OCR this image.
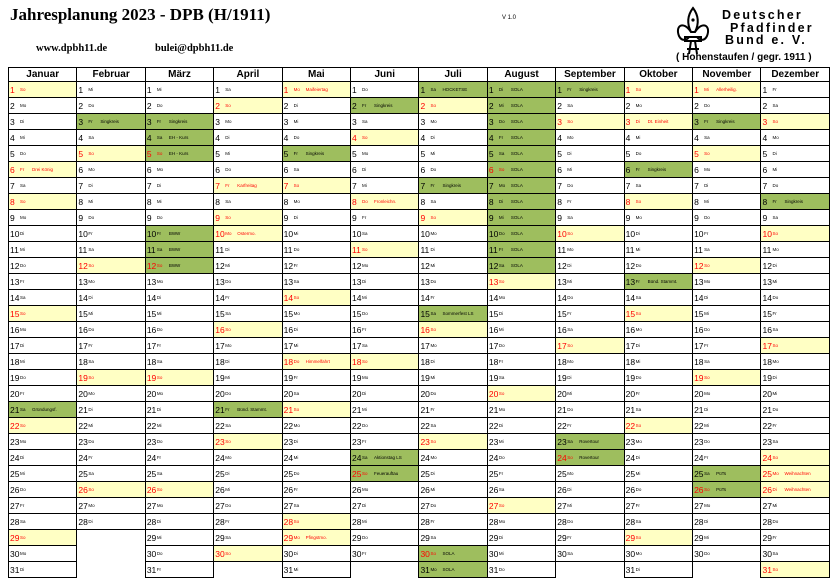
Jahresplanung 2023 - DPB (H/1911)	V 1.0
www.dpbh11.de	bulei@dpbh11.de
Deutscher
Pfadfinder
Bund e. V.
( Hohenstaufen / gegr. 1911 )
Januar	Februar	März	April	Mai	Juni	Juli	August	September	Oktober	November	Dezember
1 So	1 Mi	1 Mi	1 Sa	1 Mo Maifeiertag	1 Do	1 Sa HOCKETSE	1 Di SOLA	1 Fr Singkreis	1 So	1 Mi Allerheilig.	1 Fr
2 Mo	2 Do	2 Do	2 So	2 Di	2 Fr Singkreis	2 So	2 Mi SOLA	2 Sa	2 Mo	2 Do	2 Sa
3 Di	3 Fr Singkreis	3 Fr Singkreis	3 Mo	3 Mi	3 Sa	3 Mo	3 Do SOLA	3 So	3 Di Dt. Einheit	3 Fr Singkreis	3 So
4 Mi	4 Sa	4 Sa EH - Kurs	4 Di	4 Do	4 So	4 Di	4 Fr SOLA	4 Mo	4 Mi	4 Sa	4 Mo
5 Do	5 So	5 So EH - Kurs	5 Mi	5 Fr Singkreis	5 Mo	5 Mi	5 Sa SOLA	5 Di	5 Do	5 So	5 Di
6 Fr Drei König	6 Mo	6 Mo	6 Do	6 Sa	6 Di	6 Do	6 So SOLA	6 Mi	6 Fr Singkreis	6 Mo	6 Mi
7 Sa	7 Di	7 Di	7 Fr Karfreitag	7 So	7 Mi	7 Fr Singkreis	7 Mo SOLA	7 Do	7 Sa	7 Di	7 Do
8 So	8 Mi	8 Mi	8 Sa	8 Mo	8 Do Fronleichn.	8 Sa	8 Di SOLA	8 Fr	8 So	8 Mi	8 Fr Singkreis
9 Mo	9 Do	9 Do	9 So	9 Di	9 Fr	9 So	9 Mi SOLA	9 Sa	9 Mo	9 Do	9 Sa
10Di	10Fr	10Fr BWW	10Mo Ostermo.	10Mi	10Sa	10Mo	10Do SOLA	10So	10Di	10Fr	10So
11Mi	11Sa	11Sa BWW	11Di	11Do	11So	11Di	11Fr SOLA	11Mo	11Mi	11Sa	11Mo
12Do	12So	12So BWW	12Mi	12Fr	12Mo	12Mi	12Sa SOLA	12Di	12Do	12So	12Di
13Fr	13Mo	13Mo	13Do	13Sa	13Di	13Do	13So	13Mi	13Fr Bünd. Stammt.	13Mo	13Mi
14Sa	14Di	14Di	14Fr	14So	14Mi	14Fr	14Mo	14Do	14Sa	14Di	14Do
15So	15Mi	15Mi	15Sa	15Mo	15Do	15Sa Sommerfest LS	15Di	15Fr	15So	15Mi	15Fr
16Mo	16Do	16Do	16So	16Di	16Fr	16So	16Mi	16Sa	16Mo	16Do	16Sa
17Di	17Fr	17Fr	17Mo	17Mi	17Sa	17Mo	17Do	17So	17Di	17Fr	17So
18Mi	18Sa	18Sa	18Di	18Do Himmelfahrt	18So	18Di	18Fr	18Mo	18Mi	18Sa	18Mo
19Do	19So	19So	19Mi	19Fr	19Mo	19Mi	19Sa	19Di	19Do	19So	19Di
20Fr	20Mo	20Mo	20Do	20Sa	20Di	20Do	20So	20Mi	20Fr	20Mo	20Mi
21Sa Gründungsf.	21Di	21Di	21Fr Bünd. Stammt.	21So	21Mi	21Fr	21Mo	21Do	21Sa	21Di	21Do
22So	22Mi	22Mi	22Sa	22Mo	22Do	22Sa	22Di	22Fr	22So	22Mi	22Fr
23Mo	23Do	23Do	23So	23Di	23Fr	23So	23Mi	23Sa Rovertour	23Mo	23Do	23Sa
24Di	24Fr	24Fr	24Mo	24Mi	24Sa Aktionstag LS	24Mo	24Do	24So Rovertour	24Di	24Fr	24So
25Mi	25Sa	25Sa	25Di	25Do	25So Feuerauftau	25Di	25Fr	25Mo	25Mi	25Sa PüTs	25Mo Weihnachten
26Do	26So	26So	26Mi	26Fr	26Mo	26Mi	26Sa	26Di	26Do	26So PüTs	26Di Weihnachten
27Fr	27Mo	27Mo	27Do	27Sa	27Di	27Do	27So	27Mi	27Fr	27Mo	27Mi
28Sa	28Di	28Di	28Fr	28So	28Mi	28Fr	28Mo	28Do	28Sa	28Di	28Do
29So		29Mi	29Sa	29Mo Pfingstmo.	29Do	29Sa	29Di	29Fr	29So	29Mi	29Fr
30Mo		30Do	30So	30Di	30Fr	30So SOLA	30Mi	30Sa	30Mo	30Do	30Sa
31Di		31Fr		31Mi		31Mo SOLA	31Do		31Di		31So
